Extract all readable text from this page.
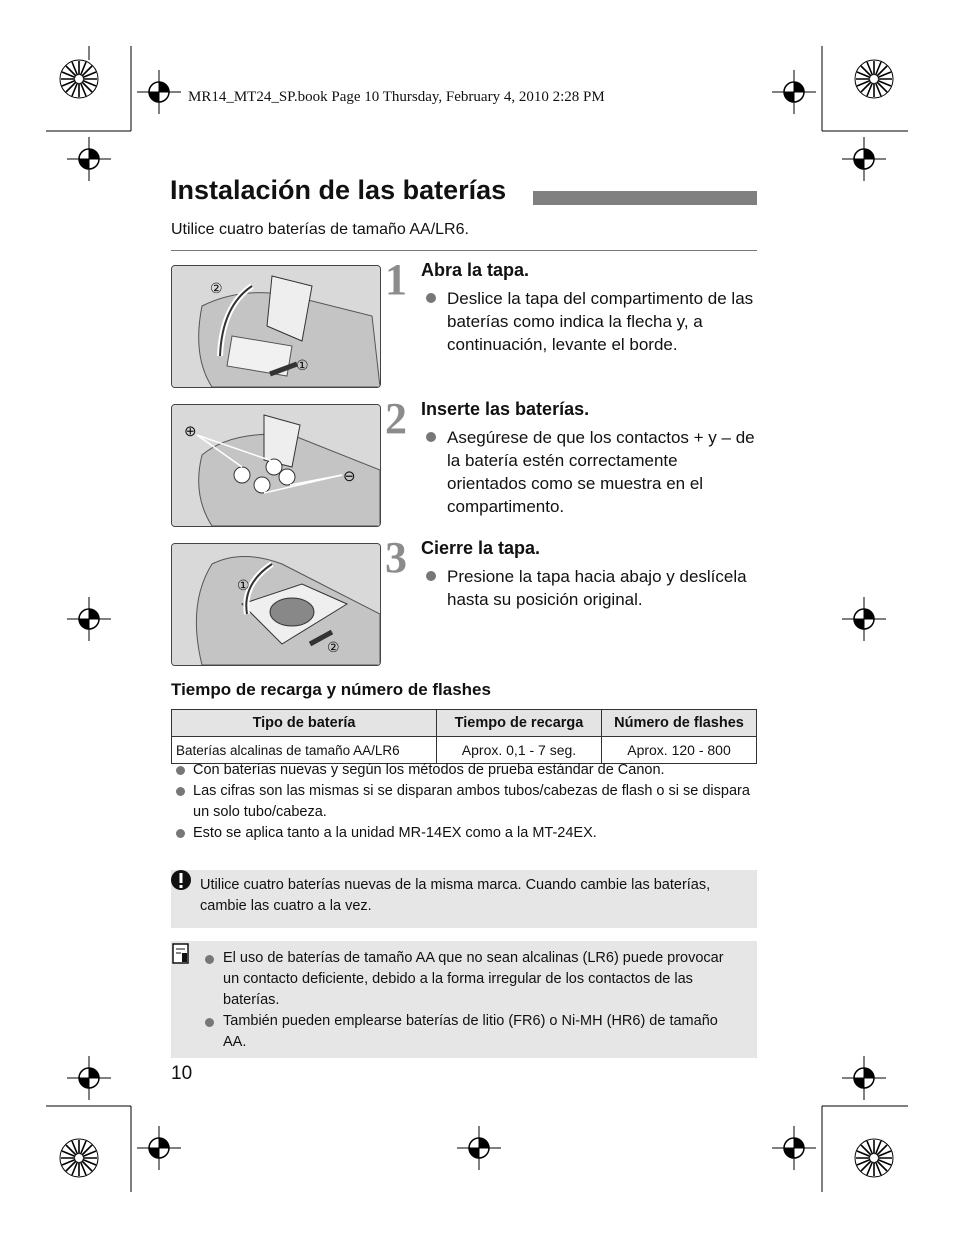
MR14_MT24_SP.book Page 10 Thursday, February 4, 2010 2:28 PM
Instalación de las baterías
Utilice cuatro baterías de tamaño AA/LR6.
②
①
1 Abra la tapa.
Deslice la tapa del compartimento de las baterías como indica la flecha y, a continuación, levante el borde.
⊕
⊖
2 Inserte las baterías.
Asegúrese de que los contactos + y – de la batería estén correctamente orientados como se muestra en el compartimento.
①
②
3 Cierre la tapa.
Presione la tapa hacia abajo y deslícela hasta su posición original.
Tiempo de recarga y número de flashes
Tipo de batería	Tiempo de recarga	Número de flashes
Baterías alcalinas de tamaño AA/LR6	Aprox. 0,1 - 7 seg.	Aprox. 120 - 800
Con baterías nuevas y según los métodos de prueba estándar de Canon.
Las cifras son las mismas si se disparan ambos tubos/cabezas de flash o si se dispara un solo tubo/cabeza.
Esto se aplica tanto a la unidad MR-14EX como a la MT-24EX.
Utilice cuatro baterías nuevas de la misma marca. Cuando cambie las baterías, cambie las cuatro a la vez.
El uso de baterías de tamaño AA que no sean alcalinas (LR6) puede provocar un contacto deficiente, debido a la forma irregular de los contactos de las baterías.
También pueden emplearse baterías de litio (FR6) o Ni-MH (HR6) de tamaño AA.
10
